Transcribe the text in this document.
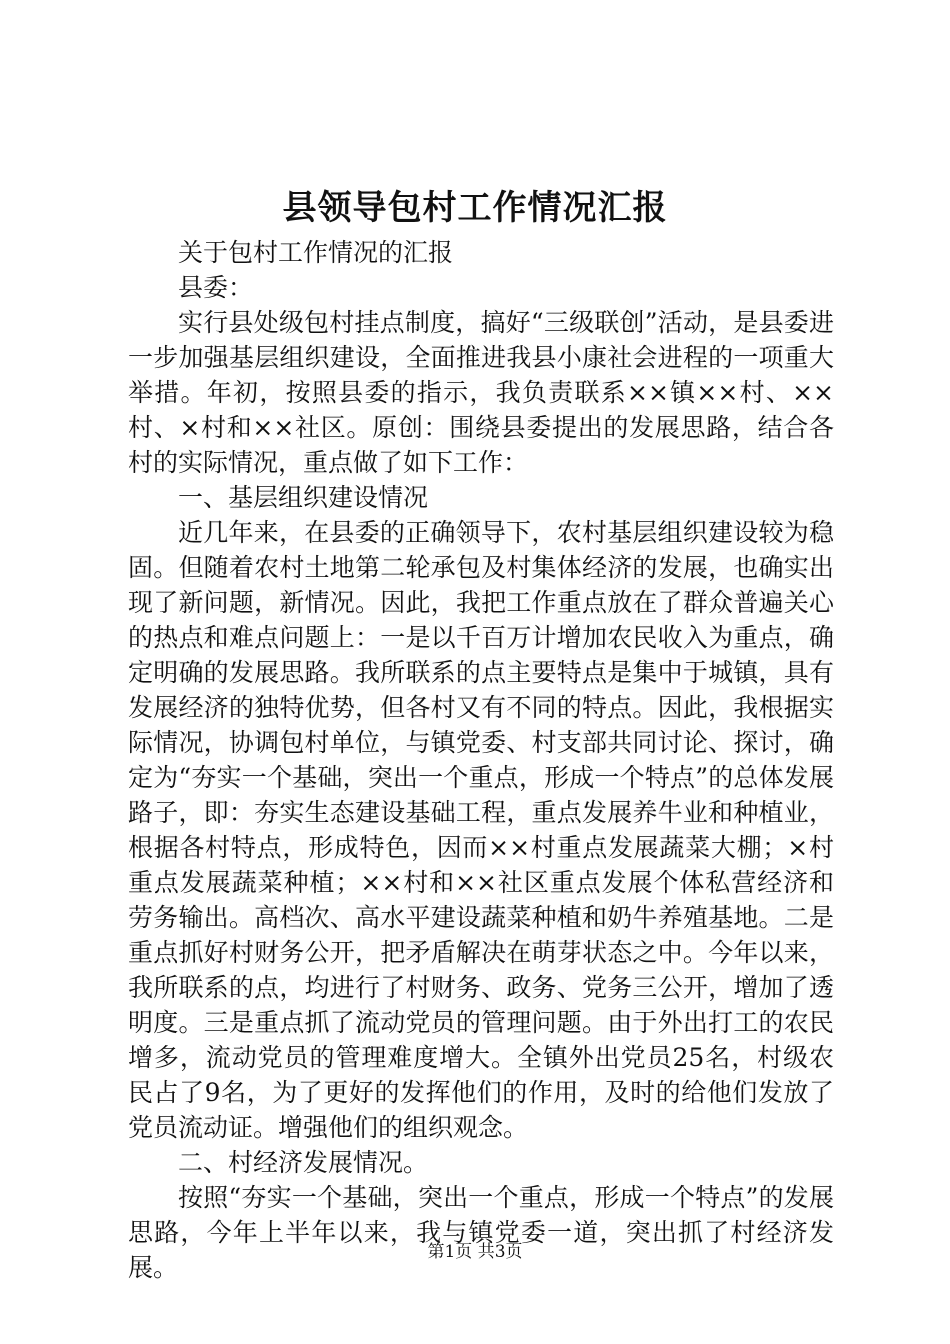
县领导包村工作情况汇报

关于包村工作情况的汇报

县委：

实行县处级包村挂点制度，搞好“三级联创”活动，是县委进一步加强基层组织建设，全面推进我县小康社会进程的一项重大举措。年初，按照县委的指示，我负责联系××镇××村、××村、×村和××社区。原创：围绕县委提出的发展思路，结合各村的实际情况，重点做了如下工作：

一、基层组织建设情况

近几年来，在县委的正确领导下，农村基层组织建设较为稳固。但随着农村土地第二轮承包及村集体经济的发展，也确实出现了新问题，新情况。因此，我把工作重点放在了群众普遍关心的热点和难点问题上：一是以千百万计增加农民收入为重点，确定明确的发展思路。我所联系的点主要特点是集中于城镇，具有发展经济的独特优势，但各村又有不同的特点。因此，我根据实际情况，协调包村单位，与镇党委、村支部共同讨论、探讨，确定为“夯实一个基础，突出一个重点，形成一个特点”的总体发展路子，即：夯实生态建设基础工程，重点发展养牛业和种植业，根据各村特点，形成特色，因而××村重点发展蔬菜大棚；×村重点发展蔬菜种植；××村和××社区重点发展个体私营经济和劳务输出。高档次、高水平建设蔬菜种植和奶牛养殖基地。二是重点抓好村财务公开，把矛盾解决在萌芽状态之中。今年以来，我所联系的点，均进行了村财务、政务、党务三公开，增加了透明度。三是重点抓了流动党员的管理问题。由于外出打工的农民增多，流动党员的管理难度增大。全镇外出党员25名，村级农民占了9名，为了更好的发挥他们的作用，及时的给他们发放了党员流动证。增强他们的组织观念。

二、村经济发展情况。

按照“夯实一个基础，突出一个重点，形成一个特点”的发展思路，今年上半年以来，我与镇党委一道，突出抓了村经济发展。

第1页 共3页
